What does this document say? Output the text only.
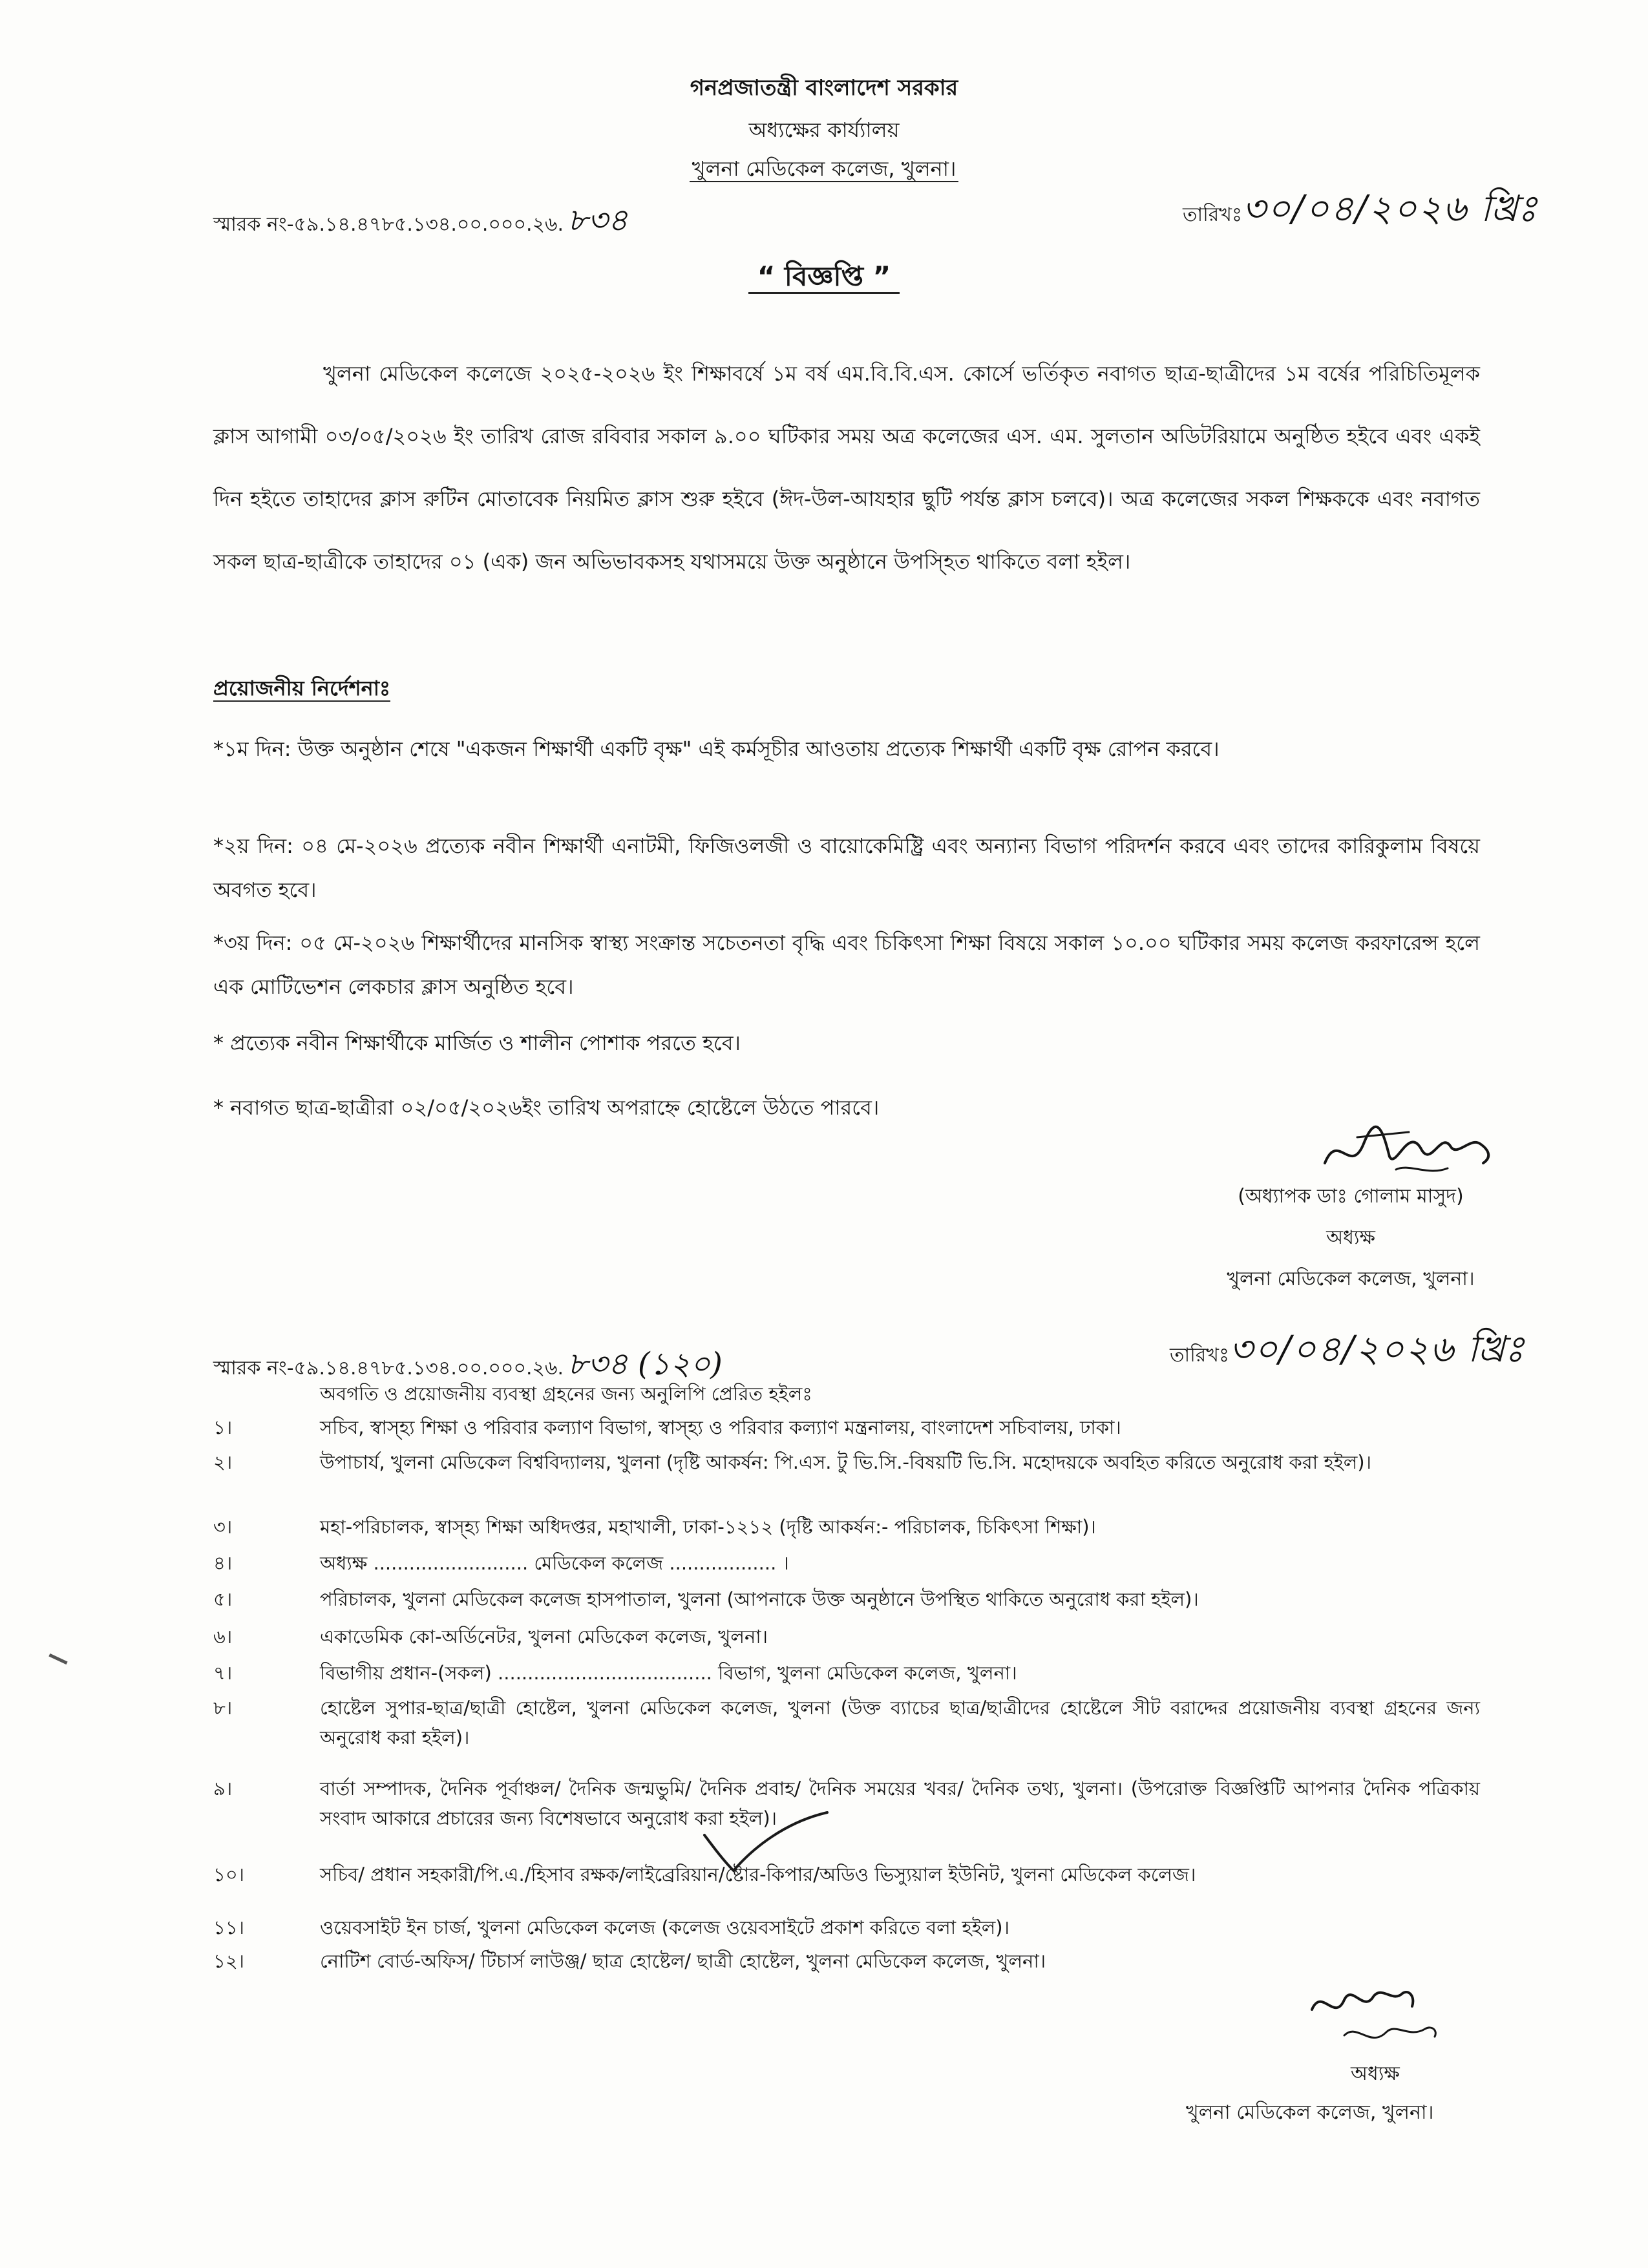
গনপ্রজাতন্ত্রী বাংলাদেশ সরকার
অধ্যক্ষের কার্য্যালয়
খুলনা মেডিকেল কলেজ, খুলনা।
স্মারক নং-৫৯.১৪.৪৭৮৫.১৩৪.০০.০০০.২৬. ৮৩৪	তারিখঃ৩০/০৪/২০২৬ খ্রিঃ
“ বিজ্ঞপ্তি ”
খুলনা মেডিকেল কলেজে ২০২৫-২০২৬ ইং শিক্ষাবর্ষে ১ম বর্ষ এম.বি.বি.এস. কোর্সে ভর্তিকৃত নবাগত ছাত্র-ছাত্রীদের ১ম বর্ষের পরিচিতিমূলক ক্লাস আগামী ০৩/০৫/২০২৬ ইং তারিখ রোজ রবিবার সকাল ৯.০০ ঘটিকার সময় অত্র কলেজের এস. এম. সুলতান অডিটরিয়ামে অনুষ্ঠিত হইবে এবং একই দিন হইতে তাহাদের ক্লাস রুটিন মোতাবেক নিয়মিত ক্লাস শুরু হইবে (ঈদ-উল-আযহার ছুটি পর্যন্ত ক্লাস চলবে)। অত্র কলেজের সকল শিক্ষককে এবং নবাগত সকল ছাত্র-ছাত্রীকে তাহাদের ০১ (এক) জন অভিভাবকসহ যথাসময়ে উক্ত অনুষ্ঠানে উপস্হিত থাকিতে বলা হইল।
প্রয়োজনীয় নির্দেশনাঃ
*১ম দিন: উক্ত অনুষ্ঠান শেষে "একজন শিক্ষার্থী একটি বৃক্ষ" এই কর্মসূচীর আওতায় প্রত্যেক শিক্ষার্থী একটি বৃক্ষ রোপন করবে।
*২য় দিন: ০৪ মে-২০২৬ প্রত্যেক নবীন শিক্ষার্থী এনাটমী, ফিজিওলজী ও বায়োকেমিষ্ট্রি এবং অন্যান্য বিভাগ পরিদর্শন করবে এবং তাদের কারিকুলাম বিষয়ে অবগত হবে।
*৩য় দিন: ০৫ মে-২০২৬ শিক্ষার্থীদের মানসিক স্বাস্থ্য সংক্রান্ত সচেতনতা বৃদ্ধি এবং চিকিৎসা শিক্ষা বিষয়ে সকাল ১০.০০ ঘটিকার সময় কলেজ করফারেন্স হলে এক মোটিভেশন লেকচার ক্লাস অনুষ্ঠিত হবে।
* প্রত্যেক নবীন শিক্ষার্থীকে মার্জিত ও শালীন পোশাক পরতে হবে।
* নবাগত ছাত্র-ছাত্রীরা ০২/০৫/২০২৬ইং তারিখ অপরাহ্নে হোষ্টেলে উঠতে পারবে।
(অধ্যাপক ডাঃ গোলাম মাসুদ)
অধ্যক্ষ
খুলনা মেডিকেল কলেজ, খুলনা।
স্মারক নং-৫৯.১৪.৪৭৮৫.১৩৪.০০.০০০.২৬. ৮৩৪ (১২০)	তারিখঃ৩০/০৪/২০২৬ খ্রিঃ
অবগতি ও প্রয়োজনীয় ব্যবস্থা গ্রহনের জন্য অনুলিপি প্রেরিত হইলঃ
১।	সচিব, স্বাস্হ্য শিক্ষা ও পরিবার কল্যাণ বিভাগ, স্বাস্হ্য ও পরিবার কল্যাণ মন্ত্রনালয়, বাংলাদেশ সচিবালয়, ঢাকা।
২।	উপাচার্য, খুলনা মেডিকেল বিশ্ববিদ্যালয়, খুলনা (দৃষ্টি আকর্ষন: পি.এস. টু ভি.সি.-বিষয়টি ভি.সি. মহোদয়কে অবহিত করিতে অনুরোধ করা হইল)।
৩।	মহা-পরিচালক, স্বাস্হ্য শিক্ষা অধিদপ্তর, মহাখালী, ঢাকা-১২১২ (দৃষ্টি আকর্ষন:- পরিচালক, চিকিৎসা শিক্ষা)।
৪।	অধ্যক্ষ .......................... মেডিকেল কলেজ .................. ।
৫।	পরিচালক, খুলনা মেডিকেল কলেজ হাসপাতাল, খুলনা (আপনাকে উক্ত অনুষ্ঠানে উপস্থিত থাকিতে অনুরোধ করা হইল)।
৬।	একাডেমিক কো-অর্ডিনেটর, খুলনা মেডিকেল কলেজ, খুলনা।
৭।	বিভাগীয় প্রধান-(সকল) .................................... বিভাগ, খুলনা মেডিকেল কলেজ, খুলনা।
৮।	হোষ্টেল সুপার-ছাত্র/ছাত্রী হোষ্টেল, খুলনা মেডিকেল কলেজ, খুলনা (উক্ত ব্যাচের ছাত্র/ছাত্রীদের হোষ্টেলে সীট বরাদ্দের প্রয়োজনীয় ব্যবস্থা গ্রহনের জন্য অনুরোধ করা হইল)।
৯।	বার্তা সম্পাদক, দৈনিক পূর্বাঞ্চল/ দৈনিক জন্মভুমি/ দৈনিক প্রবাহ/ দৈনিক সময়ের খবর/ দৈনিক তথ্য, খুলনা। (উপরোক্ত বিজ্ঞপ্তিটি আপনার দৈনিক পত্রিকায় সংবাদ আকারে প্রচারের জন্য বিশেষভাবে অনুরোধ করা হইল)।
১০।	সচিব/ প্রধান সহকারী/পি.এ./হিসাব রক্ষক/লাইব্রেরিয়ান/ষ্টোর-কিপার/অডিও ভিস্যুয়াল ইউনিট, খুলনা মেডিকেল কলেজ।
১১।	ওয়েবসাইট ইন চার্জ, খুলনা মেডিকেল কলেজ (কলেজ ওয়েবসাইটে প্রকাশ করিতে বলা হইল)।
১২।	নোটিশ বোর্ড-অফিস/ টিচার্স লাউঞ্জ/ ছাত্র হোষ্টেল/ ছাত্রী হোষ্টেল, খুলনা মেডিকেল কলেজ, খুলনা।
অধ্যক্ষ
খুলনা মেডিকেল কলেজ, খুলনা।
